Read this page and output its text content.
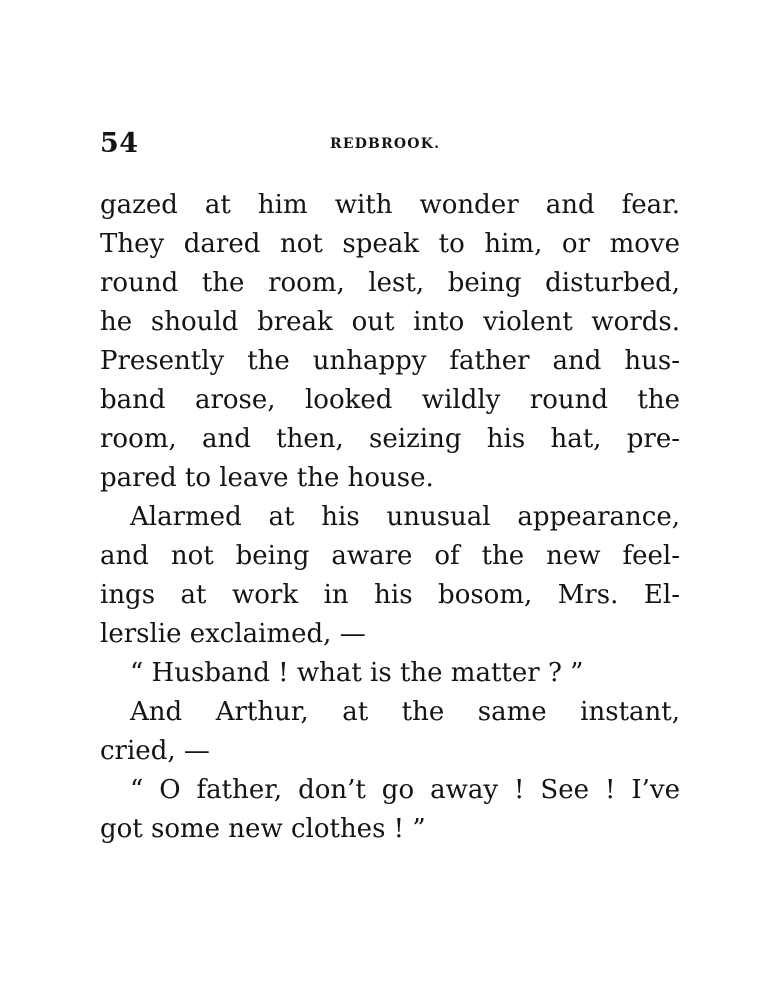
54	REDBROOK.
gazed at him with wonder and fear.
They dared not speak to him, or move
round the room, lest, being disturbed,
he should break out into violent words.
Presently the unhappy father and hus-
band arose, looked wildly round the
room, and then, seizing his hat, pre-
pared to leave the house.
Alarmed at his unusual appearance,
and not being aware of the new feel-
ings at work in his bosom, Mrs. El-
lerslie exclaimed, —
“ Husband ! what is the matter ? ”
And Arthur, at the same instant,
cried, —
“ O father, don’t go away ! See ! I’ve
got some new clothes ! ”
